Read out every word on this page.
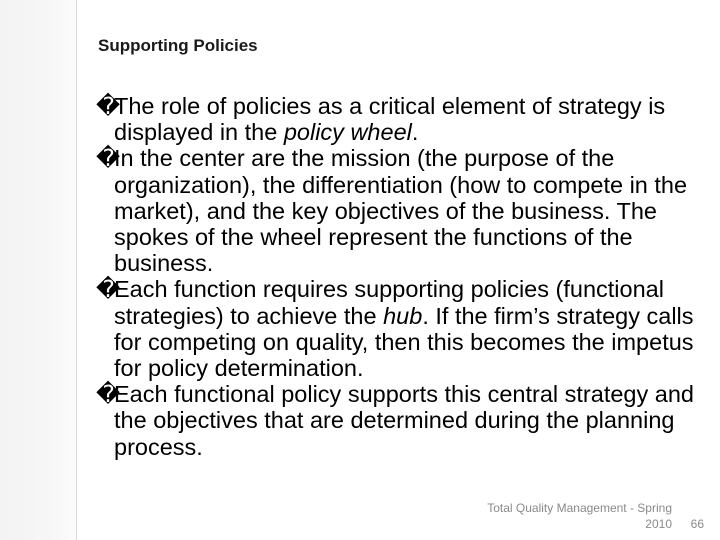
Supporting Policies

�
The role of policies as a critical element of strategy is displayed in the policy wheel.

�
In the center are the mission (the purpose of the organization), the differentiation (how to compete in the market), and the key objectives of the business. The spokes of the wheel represent the functions of the business.

�
Each function requires supporting policies (functional strategies) to achieve the hub. If the firm’s strategy calls for competing on quality, then this becomes the impetus for policy determination.

�
Each functional policy supports this central strategy and the objectives that are determined during the planning process.

Total Quality Management - Spring 2010	66
